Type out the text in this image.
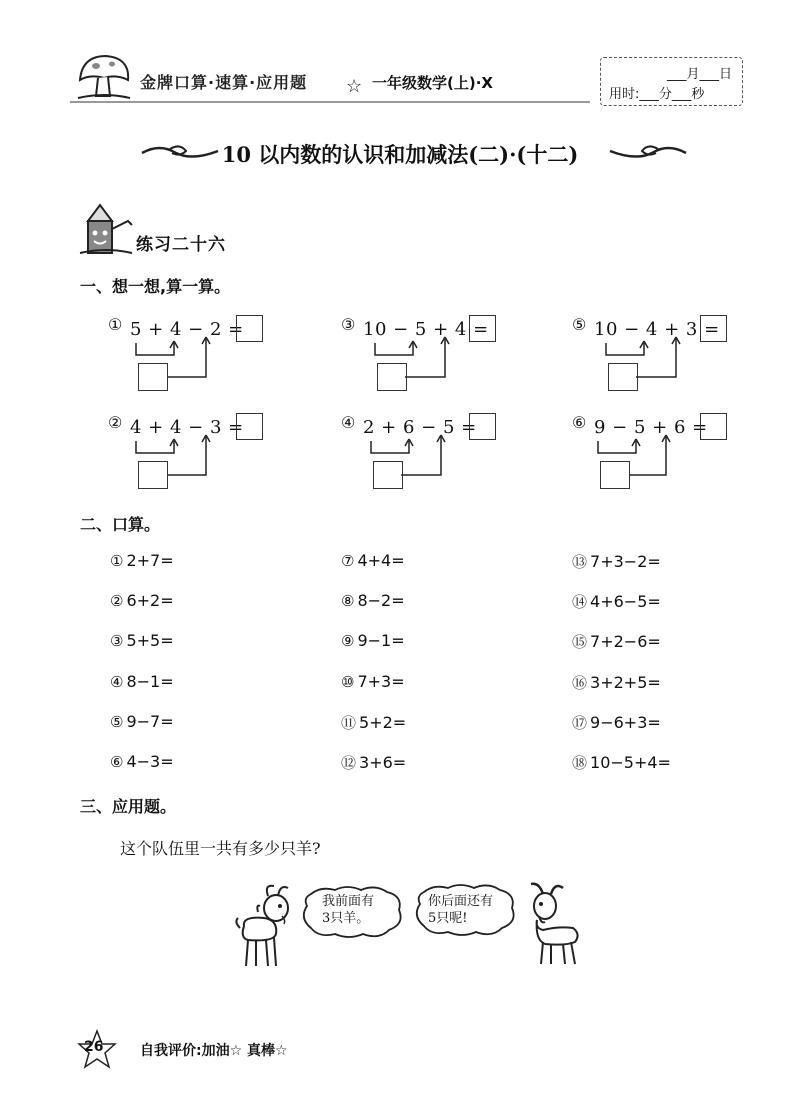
金牌口算·速算·应用题 ☆ 一年级数学(上)·X	___月___日
用时:___分___秒
10 以内数的认识和加减法(二)·(十二)
练习二十六
一、想一想,算一算。
① 5 + 4 − 2 =
② 4 + 4 − 3 =
③ 10 − 5 + 4 =
④ 2 + 6 − 5 =
⑤ 10 − 4 + 3 =
⑥ 9 − 5 + 6 =
二、口算。
① 2+7=
② 6+2=
③ 5+5=
④ 8−1=
⑤ 9−7=
⑥ 4−3=
⑦ 4+4=
⑧ 8−2=
⑨ 9−1=
⑩ 7+3=
⑪ 5+2=
⑫ 3+6=
⑬ 7+3−2=
⑭ 4+6−5=
⑮ 7+2−6=
⑯ 3+2+5=
⑰ 9−6+3=
⑱ 10−5+4=
三、应用题。
这个队伍里一共有多少只羊?
我前面有
3只羊。
你后面还有
5只呢!
26	自我评价:加油☆ 真棒☆
